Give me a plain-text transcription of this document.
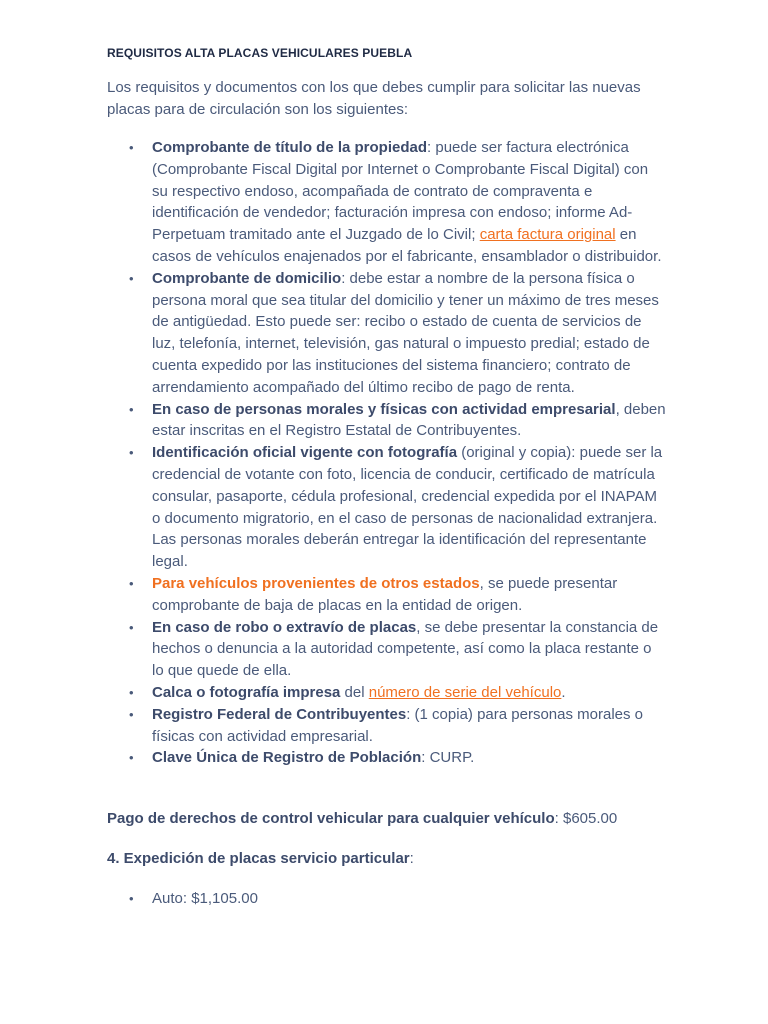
REQUISITOS ALTA PLACAS VEHICULARES PUEBLA
Los requisitos y documentos con los que debes cumplir para solicitar las nuevas placas para de circulación son los siguientes:
• Comprobante de título de la propiedad: puede ser factura electrónica (Comprobante Fiscal Digital por Internet o Comprobante Fiscal Digital) con su respectivo endoso, acompañada de contrato de compraventa e identificación de vendedor; facturación impresa con endoso; informe Ad-Perpetuam tramitado ante el Juzgado de lo Civil; carta factura original en casos de vehículos enajenados por el fabricante, ensamblador o distribuidor.
• Comprobante de domicilio: debe estar a nombre de la persona física o persona moral que sea titular del domicilio y tener un máximo de tres meses de antigüedad. Esto puede ser: recibo o estado de cuenta de servicios de luz, telefonía, internet, televisión, gas natural o impuesto predial; estado de cuenta expedido por las instituciones del sistema financiero; contrato de arrendamiento acompañado del último recibo de pago de renta.
• En caso de personas morales y físicas con actividad empresarial, deben estar inscritas en el Registro Estatal de Contribuyentes.
• Identificación oficial vigente con fotografía (original y copia): puede ser la credencial de votante con foto, licencia de conducir, certificado de matrícula consular, pasaporte, cédula profesional, credencial expedida por el INAPAM o documento migratorio, en el caso de personas de nacionalidad extranjera. Las personas morales deberán entregar la identificación del representante legal.
• Para vehículos provenientes de otros estados, se puede presentar comprobante de baja de placas en la entidad de origen.
• En caso de robo o extravío de placas, se debe presentar la constancia de hechos o denuncia a la autoridad competente, así como la placa restante o lo que quede de ella.
• Calca o fotografía impresa del número de serie del vehículo.
• Registro Federal de Contribuyentes: (1 copia) para personas morales o físicas con actividad empresarial.
• Clave Única de Registro de Población: CURP.
Pago de derechos de control vehicular para cualquier vehículo: $605.00
4. Expedición de placas servicio particular:
• Auto: $1,105.00
